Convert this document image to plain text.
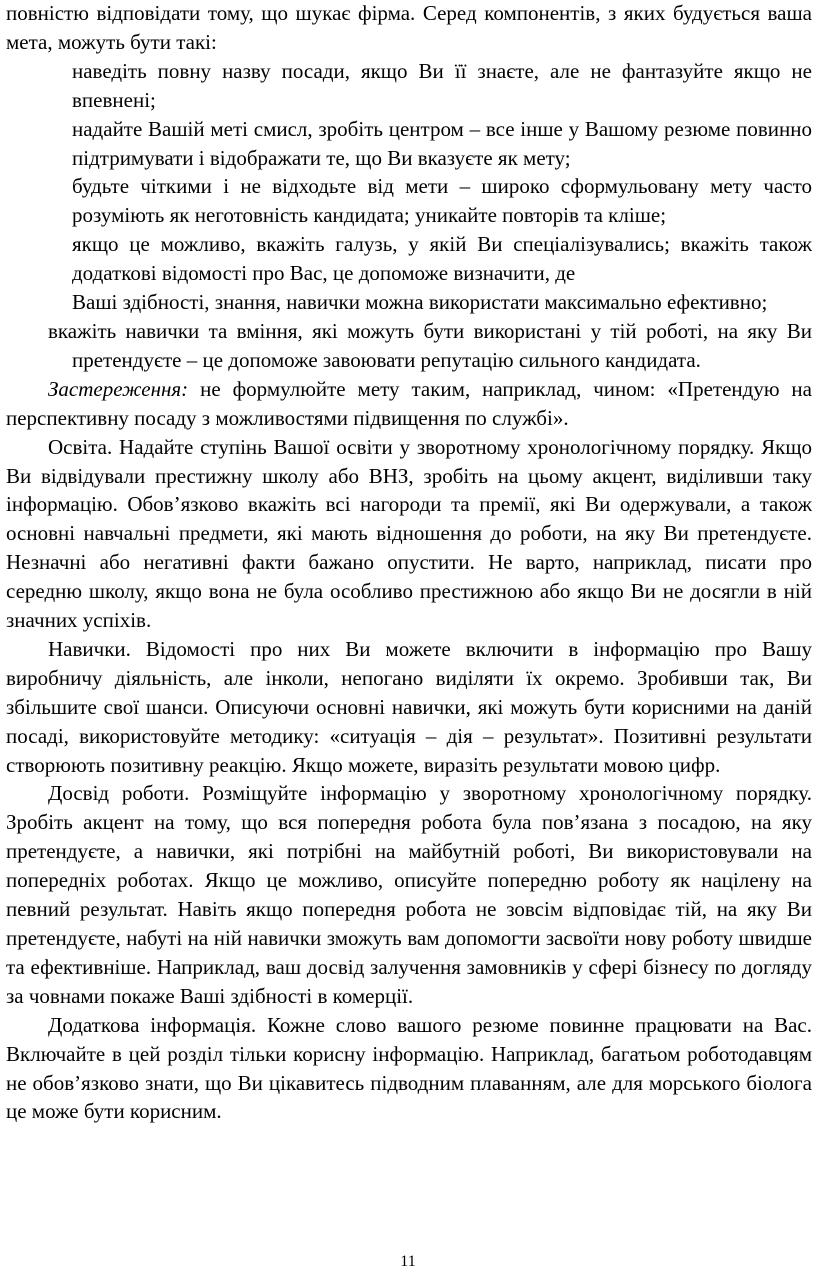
повністю відповідати тому, що шукає фірма. Серед компонентів, з яких будується ваша мета, можуть бути такі:

наведіть повну назву посади, якщо Ви її знаєте, але не фантазуйте якщо не впевнені;

надайте Вашій меті смисл, зробіть центром – все інше у Вашому резюме повинно підтримувати і відображати те, що Ви вказуєте як мету;

будьте чіткими і не відходьте від мети – широко сформульовану мету часто розуміють як неготовність кандидата; уникайте повторів та кліше;

якщо це можливо, вкажіть галузь, у якій Ви спеціалізувались; вкажіть також додаткові відомості про Вас, це допоможе визначити, де

Ваші здібності, знання, навички можна використати максимально ефективно;

вкажіть навички та вміння, які можуть бути використані у тій роботі, на яку Ви претендуєте – це допоможе завоювати репутацію сильного кандидата.

Застереження: не формулюйте мету таким, наприклад, чином: «Претендую на перспективну посаду з можливостями підвищення по службі».

Освіта. Надайте ступінь Вашої освіти у зворотному хронологічному порядку. Якщо Ви відвідували престижну школу або ВНЗ, зробіть на цьому акцент, виділивши таку інформацію. Обов’язково вкажіть всі нагороди та премії, які Ви одержували, а також основні навчальні предмети, які мають відношення до роботи, на яку Ви претендуєте. Незначні або негативні факти бажано опустити. Не варто, наприклад, писати про середню школу, якщо вона не була особливо престижною або якщо Ви не досягли в ній значних успіхів.

Навички. Відомості про них Ви можете включити в інформацію про Вашу виробничу діяльність, але інколи, непогано виділяти їх окремо. Зробивши так, Ви збільшите свої шанси. Описуючи основні навички, які можуть бути корисними на даній посаді, використовуйте методику: «ситуація – дія – результат». Позитивні результати створюють позитивну реакцію. Якщо можете, виразіть результати мовою цифр.

Досвід роботи. Розміщуйте інформацію у зворотному хронологічному порядку. Зробіть акцент на тому, що вся попередня робота була пов’язана з посадою, на яку претендуєте, а навички, які потрібні на майбутній роботі, Ви використовували на попередніх роботах. Якщо це можливо, описуйте попередню роботу як націлену на певний результат. Навіть якщо попередня робота не зовсім відповідає тій, на яку Ви претендуєте, набуті на ній навички зможуть вам допомогти засвоїти нову роботу швидше та ефективніше. Наприклад, ваш досвід залучення замовників у сфері бізнесу по догляду за човнами покаже Ваші здібності в комерції.

Додаткова інформація. Кожне слово вашого резюме повинне працювати на Вас. Включайте в цей розділ тільки корисну інформацію. Наприклад, багатьом роботодавцям не обов’язково знати, що Ви цікавитесь підводним плаванням, але для морського біолога це може бути корисним.

11
